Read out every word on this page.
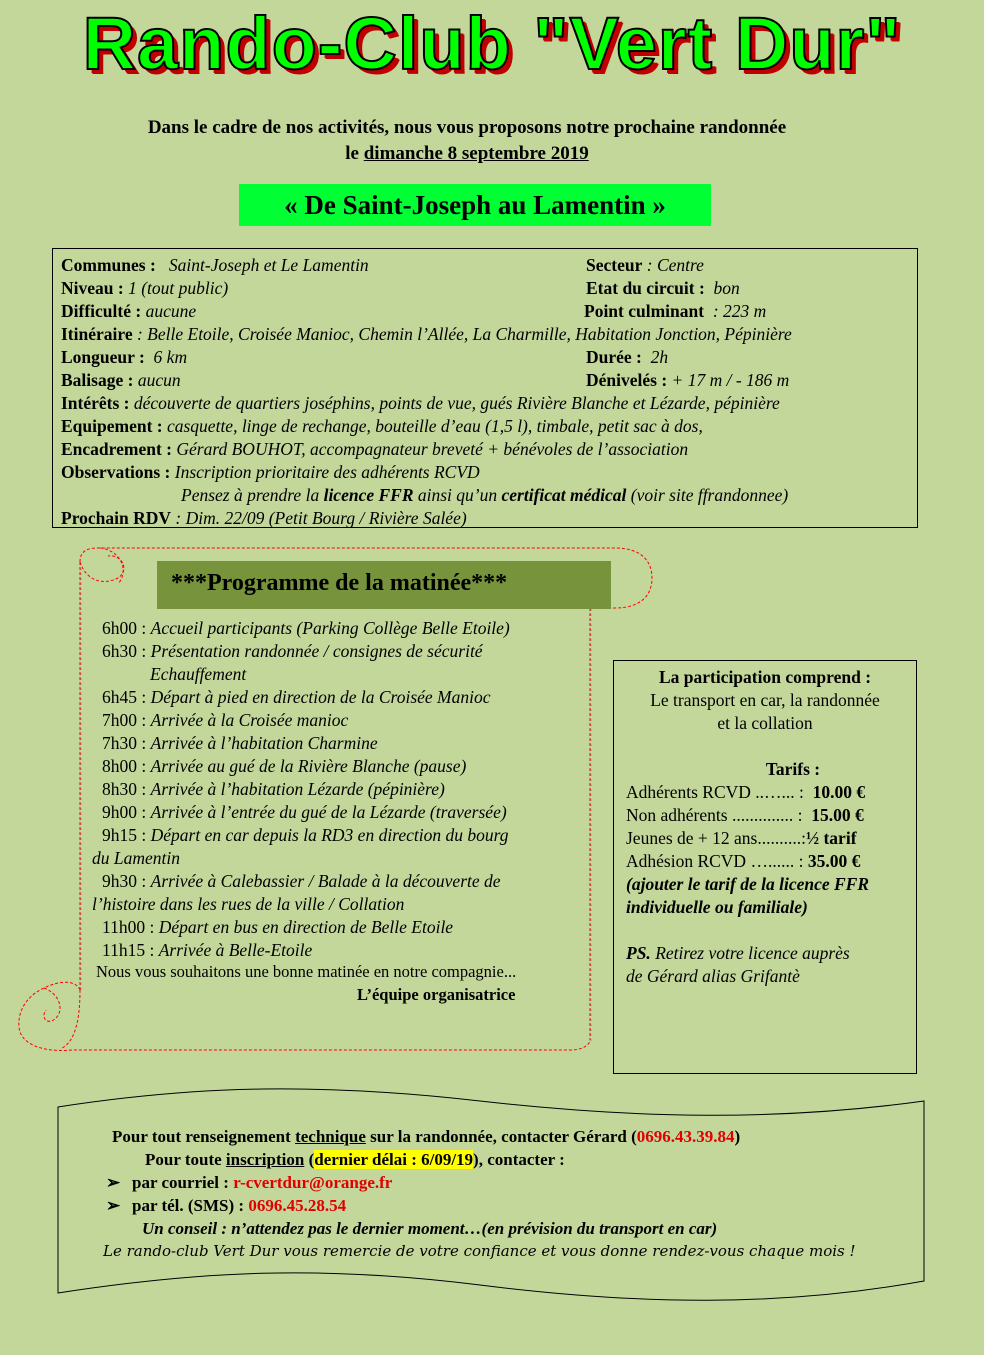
Rando-Club "Vert Dur"
Dans le cadre de nos activités, nous vous proposons notre prochaine randonnée
le dimanche 8 septembre 2019
« De Saint-Joseph au Lamentin »
Communes : Saint-Joseph et Le Lamentin	Secteur : Centre
Niveau : 1 (tout public)	Etat du circuit : bon
Difficulté : aucune	Point culminant : 223 m
Itinéraire : Belle Etoile, Croisée Manioc, Chemin l’Allée, La Charmille, Habitation Jonction, Pépinière
Longueur : 6 km	Durée : 2h
Balisage : aucun	Dénivelés : + 17 m / - 186 m
Intérêts : découverte de quartiers joséphins, points de vue, gués Rivière Blanche et Lézarde, pépinière
Equipement : casquette, linge de rechange, bouteille d’eau (1,5 l), timbale, petit sac à dos,
Encadrement : Gérard BOUHOT, accompagnateur breveté + bénévoles de l’association
Observations : Inscription prioritaire des adhérents RCVD
Pensez à prendre la licence FFR ainsi qu’un certificat médical (voir site ffrandonnee)
Prochain RDV : Dim. 22/09 (Petit Bourg / Rivière Salée)
***Programme de la matinée***
6h00 : Accueil participants (Parking Collège Belle Etoile)
6h30 : Présentation randonnée / consignes de sécurité
Echauffement
6h45 : Départ à pied en direction de la Croisée Manioc
7h00 : Arrivée à la Croisée manioc
7h30 : Arrivée à l’habitation Charmine
8h00 : Arrivée au gué de la Rivière Blanche (pause)
8h30 : Arrivée à l’habitation Lézarde (pépinière)
9h00 : Arrivée à l’entrée du gué de la Lézarde (traversée)
9h15 : Départ en car depuis la RD3 en direction du bourg
du Lamentin
9h30 : Arrivée à Calebassier / Balade à la découverte de
l’histoire dans les rues de la ville / Collation
11h00 : Départ en bus en direction de Belle Etoile
11h15 : Arrivée à Belle-Etoile
Nous vous souhaitons une bonne matinée en notre compagnie...
L’équipe organisatrice
La participation comprend :
Le transport en car, la randonnée
et la collation
Tarifs :
Adhérents RCVD ..…... : 10.00 €
Non adhérents .............. : 15.00 €
Jeunes de + 12 ans..........:½ tarif
Adhésion RCVD …...... : 35.00 €
(ajouter le tarif de la licence FFR
individuelle ou familiale)
PS. Retirez votre licence auprès
de Gérard alias Grifantè
Pour tout renseignement technique sur la randonnée, contacter Gérard (0696.43.39.84)
Pour toute inscription (dernier délai : 6/09/19), contacter :
➢ par courriel : r-cvertdur@orange.fr
➢ par tél. (SMS) : 0696.45.28.54
Un conseil : n’attendez pas le dernier moment…(en prévision du transport en car)
Le rando-club Vert Dur vous remercie de votre confiance et vous donne rendez-vous chaque mois !
